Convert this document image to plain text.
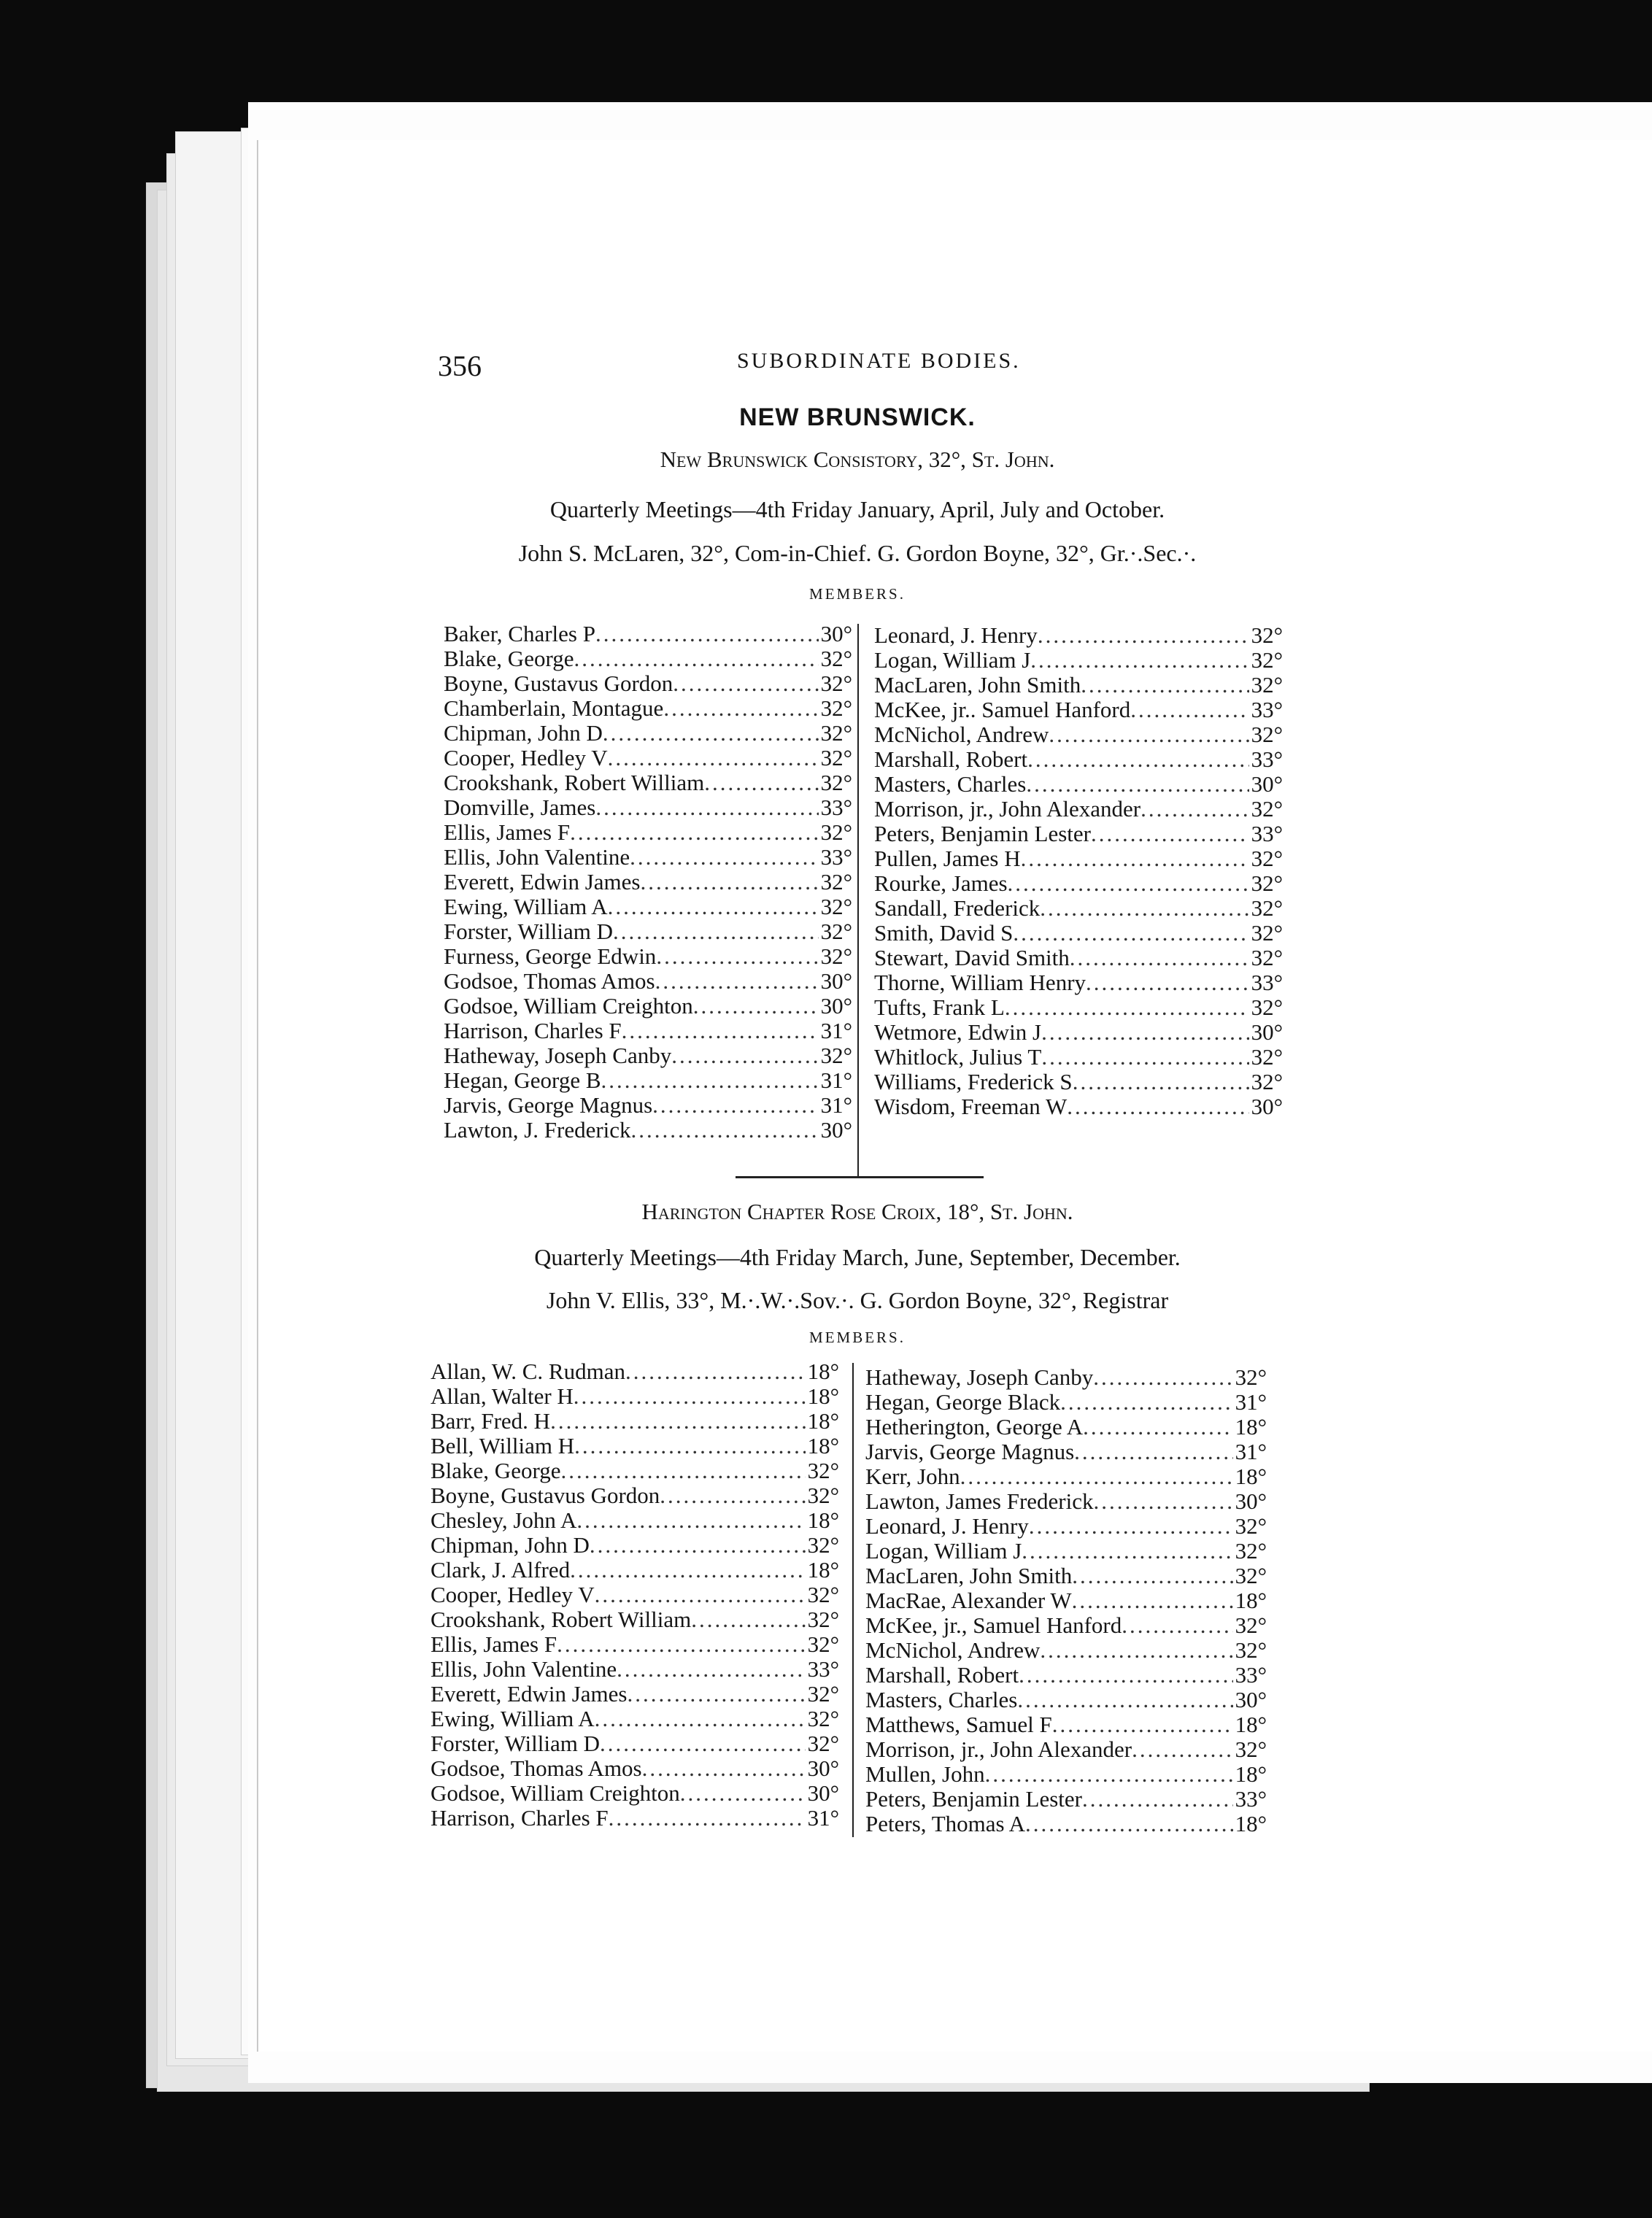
356	SUBORDINATE BODIES.
NEW BRUNSWICK.
New Brunswick Consistory, 32°, St. John.
Quarterly Meetings—4th Friday January, April, July and October.
John S. McLaren, 32°, Com-in-Chief. G. Gordon Boyne, 32°, Gr.·.Sec.·.
MEMBERS.
Baker, Charles P .....	30°
Blake, George .....	32°
Boyne, Gustavus Gordon .....	32°
Chamberlain, Montague .....	32°
Chipman, John D .....	32°
Cooper, Hedley V .....	32°
Crookshank, Robert William .....	32°
Domville, James .....	33°
Ellis, James F .....	32°
Ellis, John Valentine .....	33°
Everett, Edwin James .....	32°
Ewing, William A .....	32°
Forster, William D .....	32°
Furness, George Edwin .....	32°
Godsoe, Thomas Amos .....	30°
Godsoe, William Creighton .....	30°
Harrison, Charles F .....	31°
Hatheway, Joseph Canby .....	32°
Hegan, George B .....	31°
Jarvis, George Magnus .....	31°
Lawton, J. Frederick .....	30°
Leonard, J. Henry .....	32°
Logan, William J .....	32°
MacLaren, John Smith .....	32°
McKee, jr.. Samuel Hanford .....	33°
McNichol, Andrew .....	32°
Marshall, Robert .....	33°
Masters, Charles .....	30°
Morrison, jr., John Alexander .....	32°
Peters, Benjamin Lester .....	33°
Pullen, James H .....	32°
Rourke, James .....	32°
Sandall, Frederick .....	32°
Smith, David S .....	32°
Stewart, David Smith .....	32°
Thorne, William Henry .....	33°
Tufts, Frank L .....	32°
Wetmore, Edwin J .....	30°
Whitlock, Julius T .....	32°
Williams, Frederick S .....	32°
Wisdom, Freeman W .....	30°
Harington Chapter Rose Croix, 18°, St. John.
Quarterly Meetings—4th Friday March, June, September, December.
John V. Ellis, 33°, M.·.W.·.Sov.·. G. Gordon Boyne, 32°, Registrar
MEMBERS.
Allan, W. C. Rudman .....	18°
Allan, Walter H .....	18°
Barr, Fred. H .....	18°
Bell, William H .....	18°
Blake, George .....	32°
Boyne, Gustavus Gordon .....	32°
Chesley, John A .....	18°
Chipman, John D .....	32°
Clark, J. Alfred .....	18°
Cooper, Hedley V .....	32°
Crookshank, Robert William .....	32°
Ellis, James F .....	32°
Ellis, John Valentine .....	33°
Everett, Edwin James .....	32°
Ewing, William A .....	32°
Forster, William D .....	32°
Godsoe, Thomas Amos .....	30°
Godsoe, William Creighton .....	30°
Harrison, Charles F .....	31°
Hatheway, Joseph Canby .....	32°
Hegan, George Black .....	31°
Hetherington, George A .....	18°
Jarvis, George Magnus .....	31°
Kerr, John .....	18°
Lawton, James Frederick .....	30°
Leonard, J. Henry .....	32°
Logan, William J .....	32°
MacLaren, John Smith .....	32°
MacRae, Alexander W .....	18°
McKee, jr., Samuel Hanford .....	32°
McNichol, Andrew .....	32°
Marshall, Robert .....	33°
Masters, Charles .....	30°
Matthews, Samuel F .....	18°
Morrison, jr., John Alexander .....	32°
Mullen, John .....	18°
Peters, Benjamin Lester .....	33°
Peters, Thomas A .....	18°
